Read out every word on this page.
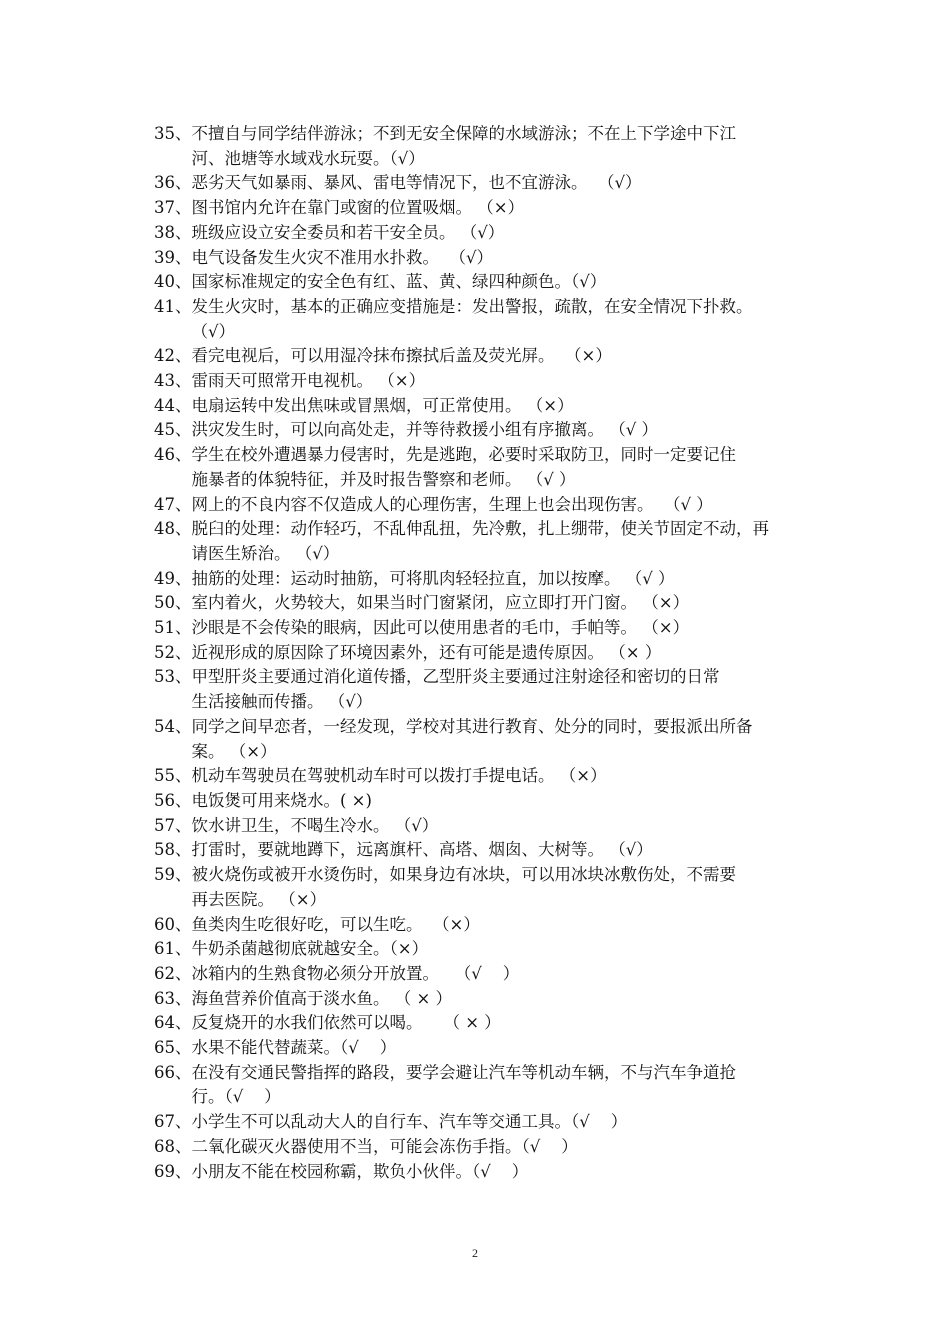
35 、 不擅自与同学结伴游泳；不到无安全保障的水域游泳；不在上下学途中下江
河、池塘等水域戏水玩耍。（√）
36 、 恶劣天气如暴雨、暴风、雷电等情况下，也不宜游泳。  （√）
37 、 图书馆内允许在靠门或窗的位置吸烟。 （×）
38 、 班级应设立安全委员和若干安全员。 （√）
39 、 电气设备发生火灾不准用水扑救。  （√）
40 、 国家标准规定的安全色有红、蓝、黄、绿四种颜色。（√）
41 、 发生火灾时，基本的正确应变措施是：发出警报，疏散，在安全情况下扑救。
（√）
42 、 看完电视后，可以用湿冷抹布擦拭后盖及荧光屏。  （×）
43 、 雷雨天可照常开电视机。 （×）
44 、 电扇运转中发出焦味或冒黑烟，可正常使用。 （×）
45 、 洪灾发生时，可以向高处走，并等待救援小组有序撤离。 （√ ）
46 、 学生在校外遭遇暴力侵害时，先是逃跑，必要时采取防卫，同时一定要记住
施暴者的体貌特征，并及时报告警察和老师。 （√ ）
47 、 网上的不良内容不仅造成人的心理伤害，生理上也会出现伤害。  （√ ）
48 、 脱臼的处理：动作轻巧，不乱伸乱扭，先冷敷，扎上绷带，使关节固定不动，再
请医生矫治。 （√）
49 、 抽筋的处理：运动时抽筋，可将肌肉轻轻拉直，加以按摩。 （√ ）
50 、 室内着火，火势较大，如果当时门窗紧闭，应立即打开门窗。 （×）
51 、 沙眼是不会传染的眼病，因此可以使用患者的毛巾，手帕等。 （×）
52 、 近视形成的原因除了环境因素外，还有可能是遗传原因。 （× ）
53 、 甲型肝炎主要通过消化道传播，乙型肝炎主要通过注射途径和密切的日常
生活接触而传播。 （√）
54 、 同学之间早恋者，一经发现，学校对其进行教育、处分的同时，要报派出所备
案。 （×）
55 、 机动车驾驶员在驾驶机动车时可以拨打手提电话。 （×）
56 、 电饭煲可用来烧水。( ×)
57 、 饮水讲卫生，不喝生冷水。 （√）
58 、 打雷时，要就地蹲下，远离旗杆、高塔、烟囱、大树等。 （√）
59 、 被火烧伤或被开水烫伤时，如果身边有冰块，可以用冰块冰敷伤处，不需要
再去医院。 （×）
60 、 鱼类肉生吃很好吃，可以生吃。  （×）
61 、 牛奶杀菌越彻底就越安全。（×）
62 、 冰箱内的生熟食物必须分开放置。   （√    ）
63 、 海鱼营养价值高于淡水鱼。 （ × ）
64 、 反复烧开的水我们依然可以喝。    （ × ）
65 、 水果不能代替蔬菜。（√    ）
66 、 在没有交通民警指挥的路段，要学会避让汽车等机动车辆，不与汽车争道抢
行。（√    ）
67 、 小学生不可以乱动大人的自行车、汽车等交通工具。（√    ）
68 、 二氧化碳灭火器使用不当，可能会冻伤手指。（√    ）
69 、 小朋友不能在校园称霸，欺负小伙伴。（√    ）
2
